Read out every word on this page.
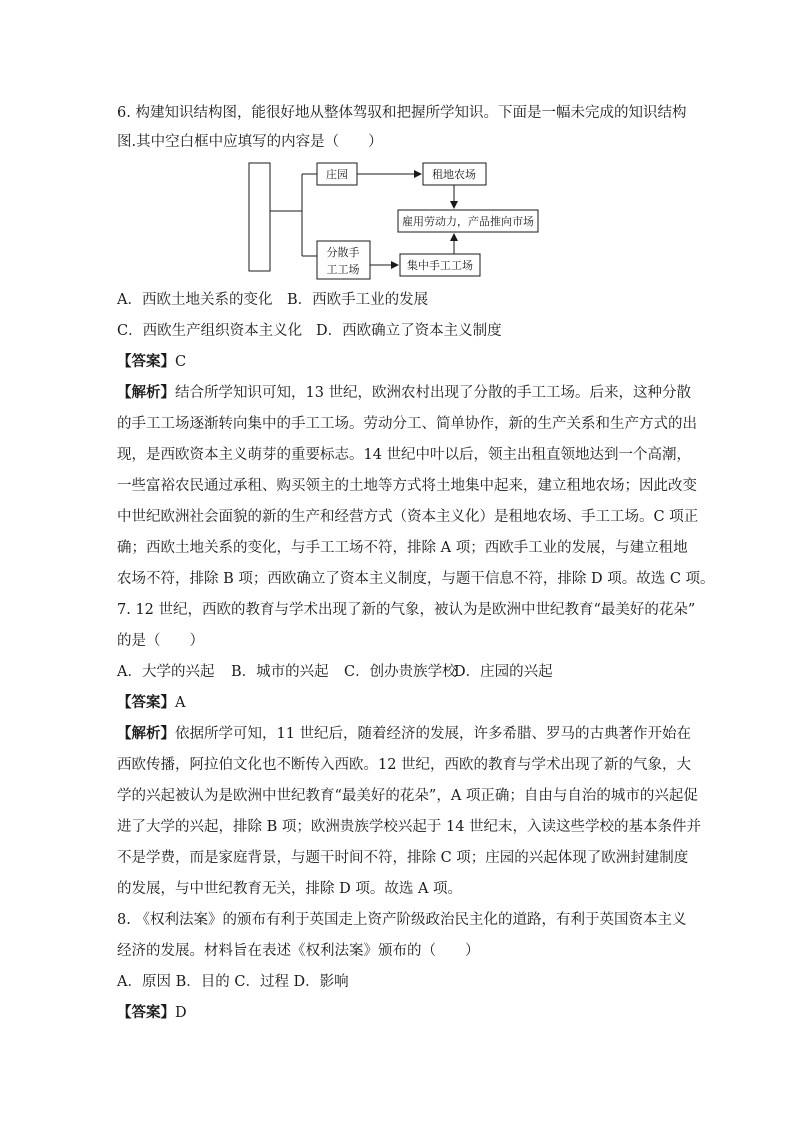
6. 构建知识结构图，能很好地从整体驾驭和把握所学知识。下面是一幅未完成的知识结构
图.其中空白框中应填写的内容是（　　）
庄园	租地农场
雇用劳动力，产品推向市场
分散手
工工场	集中手工工场
A．西欧土地关系的变化 B．西欧手工业的发展
C．西欧生产组织资本主义化 D．西欧确立了资本主义制度
【答案】C
【解析】结合所学知识可知，13 世纪，欧洲农村出现了分散的手工工场。后来，这种分散
的手工工场逐渐转向集中的手工工场。劳动分工、简单协作，新的生产关系和生产方式的出
现，是西欧资本主义萌芽的重要标志。14 世纪中叶以后，领主出租直领地达到一个高潮，
一些富裕农民通过承租、购买领主的土地等方式将土地集中起来，建立租地农场；因此改变
中世纪欧洲社会面貌的新的生产和经营方式（资本主义化）是租地农场、手工工场。C 项正
确；西欧土地关系的变化，与手工工场不符，排除 A 项；西欧手工业的发展，与建立租地
农场不符，排除 B 项；西欧确立了资本主义制度，与题干信息不符，排除 D 项。故选 C 项。
7. 12 世纪，西欧的教育与学术出现了新的气象，被认为是欧洲中世纪教育“最美好的花朵”
的是（　　）
A．大学的兴起 B．城市的兴起 C．创办贵族学校
D．庄园的兴起
【答案】A
【解析】依据所学可知，11 世纪后，随着经济的发展，许多希腊、罗马的古典著作开始在
西欧传播，阿拉伯文化也不断传入西欧。12 世纪，西欧的教育与学术出现了新的气象，大
学的兴起被认为是欧洲中世纪教育“最美好的花朵”，A 项正确；自由与自治的城市的兴起促
进了大学的兴起，排除 B 项；欧洲贵族学校兴起于 14 世纪末，入读这些学校的基本条件并
不是学费，而是家庭背景，与题干时间不符，排除 C 项；庄园的兴起体现了欧洲封建制度
的发展，与中世纪教育无关，排除 D 项。故选 A 项。
8. 《权利法案》的颁布有利于英国走上资产阶级政治民主化的道路，有利于英国资本主义
经济的发展。材料旨在表述《权利法案》颁布的（　　）
A．原因 B．目的 C．过程 D．影响
【答案】D
